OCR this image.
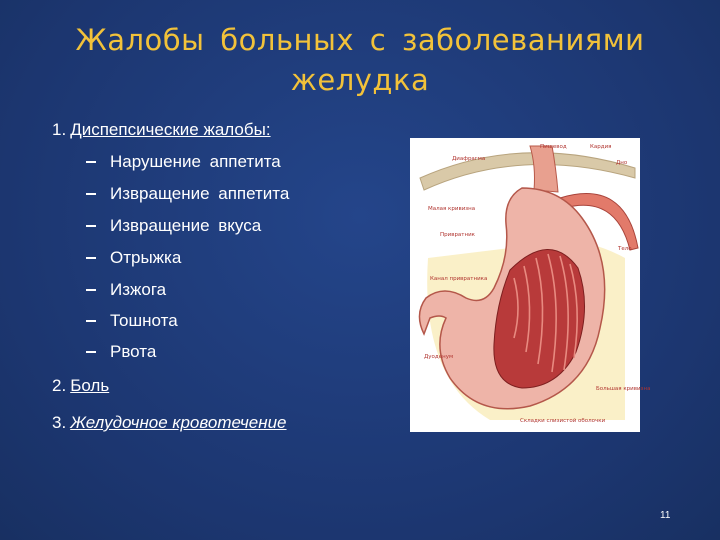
Жалобы больных с заболеваниями
желудка
1. Диспепсические жалобы:
Нарушение аппетита
Извращение аппетита
Извращение вкуса
Отрыжка
Изжога
Тошнота
Рвота
2. Боль
3. Желудочное кровотечение
Пищевод	Кардия
Диафрагма
Дно
Малая кривизна
Привратник
Канал привратника
Тело
Дуоденум
Большая кривизна
Складки слизистой оболочки
11
